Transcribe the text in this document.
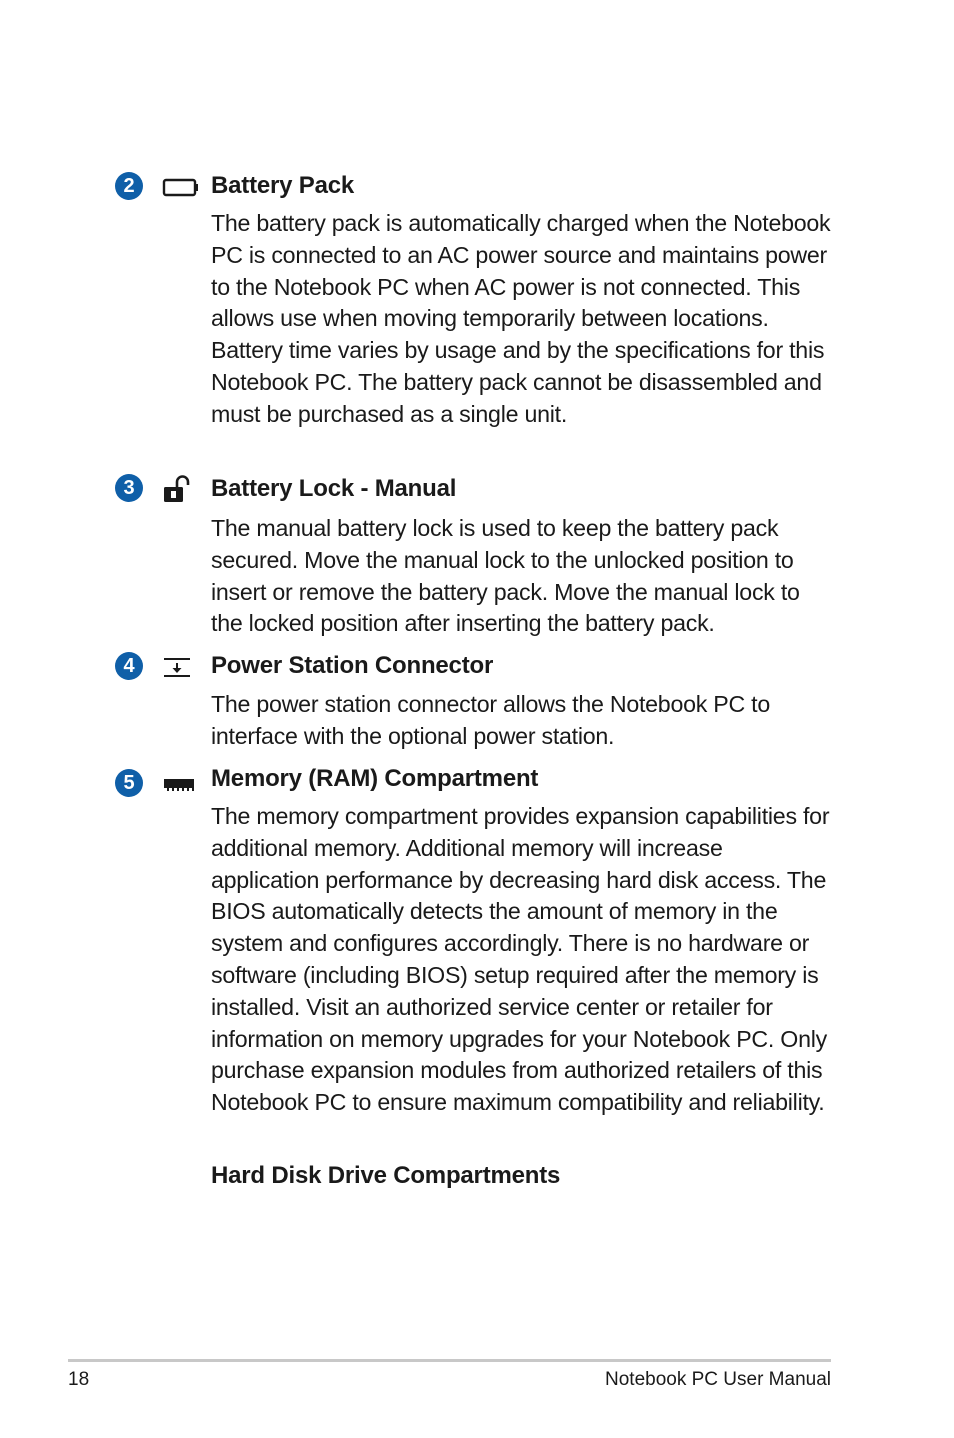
2	Battery Pack

The battery pack is automatically charged when the Notebook PC is connected to an AC power source and maintains power to the Notebook PC when AC power is not connected. This allows use when moving temporarily between locations. Battery time varies by usage and by the specifications for this Notebook PC. The battery pack cannot be disassembled and must be purchased as a single unit.

3	Battery Lock - Manual

The manual battery lock is used to keep the battery pack secured. Move the manual lock to the unlocked position to insert or remove the battery pack. Move the manual lock to the locked position after inserting the battery pack.

4	Power Station Connector

The power station connector allows the Notebook PC to interface with the optional power station.

5	Memory (RAM) Compartment

The memory compartment provides expansion capabilities for additional memory. Additional memory will increase application performance by decreasing hard disk access. The BIOS automatically detects the amount of memory in the system and configures accordingly. There is no hardware or software (including BIOS) setup required after the memory is installed. Visit an authorized service center or retailer for information on memory upgrades for your Notebook PC. Only purchase expansion modules from authorized retailers of this Notebook PC to ensure maximum compatibility and reliability.

Hard Disk Drive Compartments
18	Notebook PC User Manual
